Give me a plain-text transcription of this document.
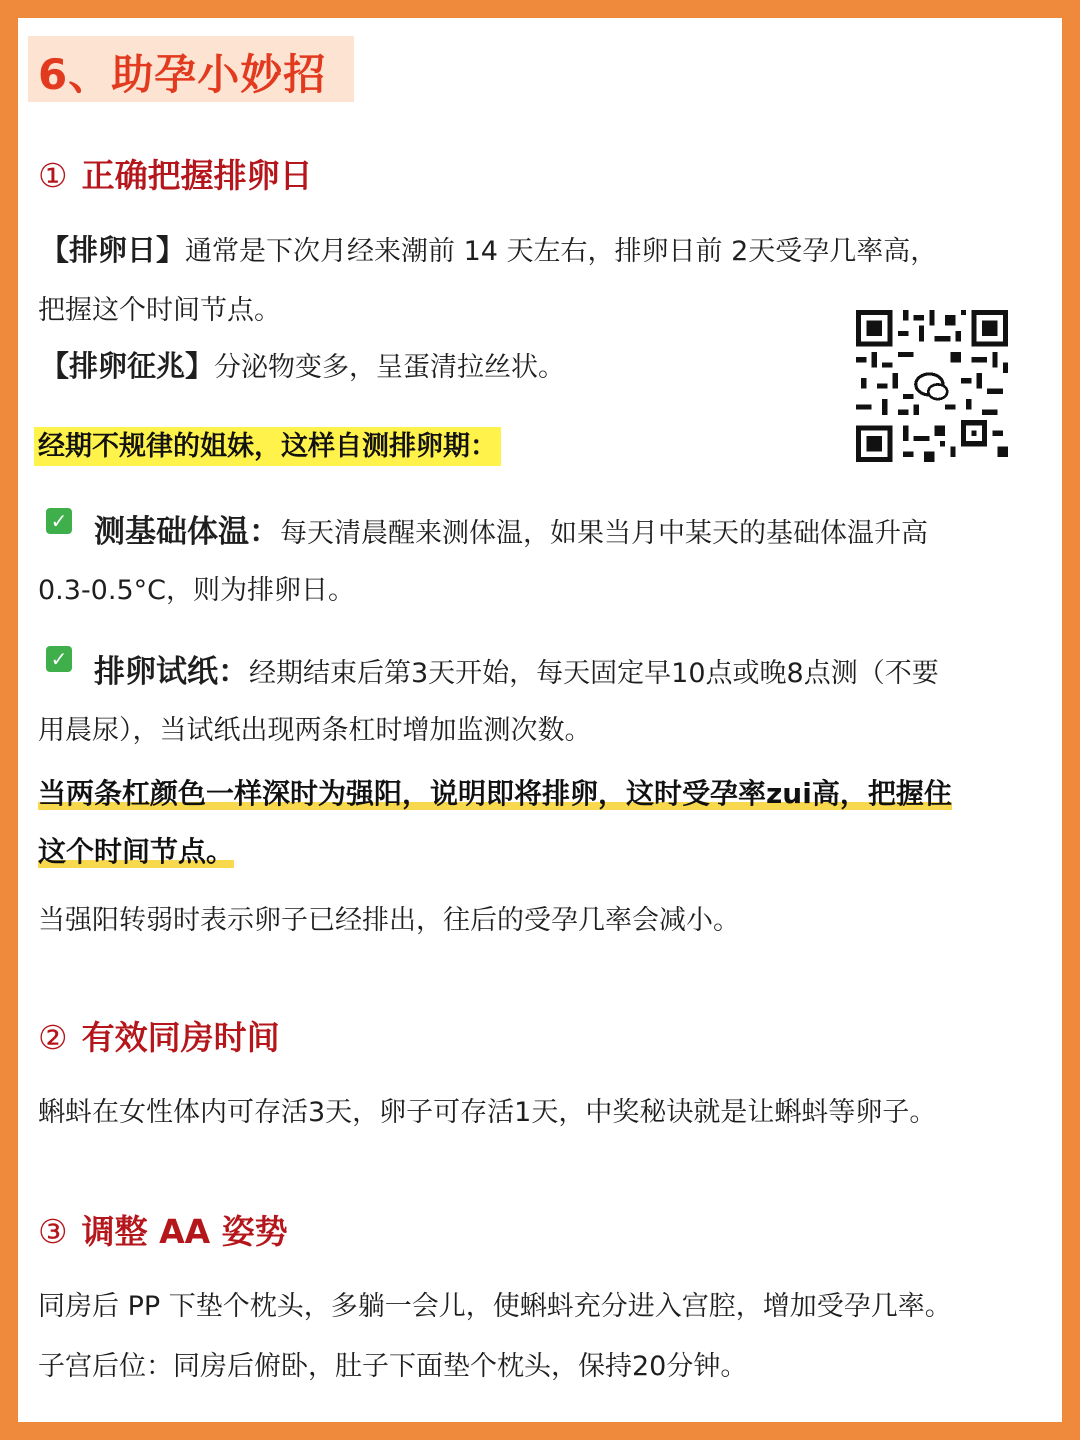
6、助孕小妙招
① 正确把握排卵日
【排卵日】通常是下次月经来潮前 14 天左右，排卵日前 2天受孕几率高，
把握这个时间节点。
【排卵征兆】分泌物变多，呈蛋清拉丝状。
经期不规律的姐妹，这样自测排卵期：
✓ 测基础体温：每天清晨醒来测体温，如果当月中某天的基础体温升高
0.3-0.5°C，则为排卵日。
✓ 排卵试纸：经期结束后第3天开始，每天固定早10点或晚8点测（不要
用晨尿），当试纸出现两条杠时增加监测次数。
当两条杠颜色一样深时为强阳，说明即将排卵，这时受孕率zui高，把握住
这个时间节点。
当强阳转弱时表示卵子已经排出，往后的受孕几率会减小。
② 有效同房时间
蝌蚪在女性体内可存活3天，卵子可存活1天，中奖秘诀就是让蝌蚪等卵子。
③ 调整 AA 姿势
同房后 PP 下垫个枕头，多躺一会儿，使蝌蚪充分进入宫腔，增加受孕几率。
子宫后位：同房后俯卧，肚子下面垫个枕头，保持20分钟。
